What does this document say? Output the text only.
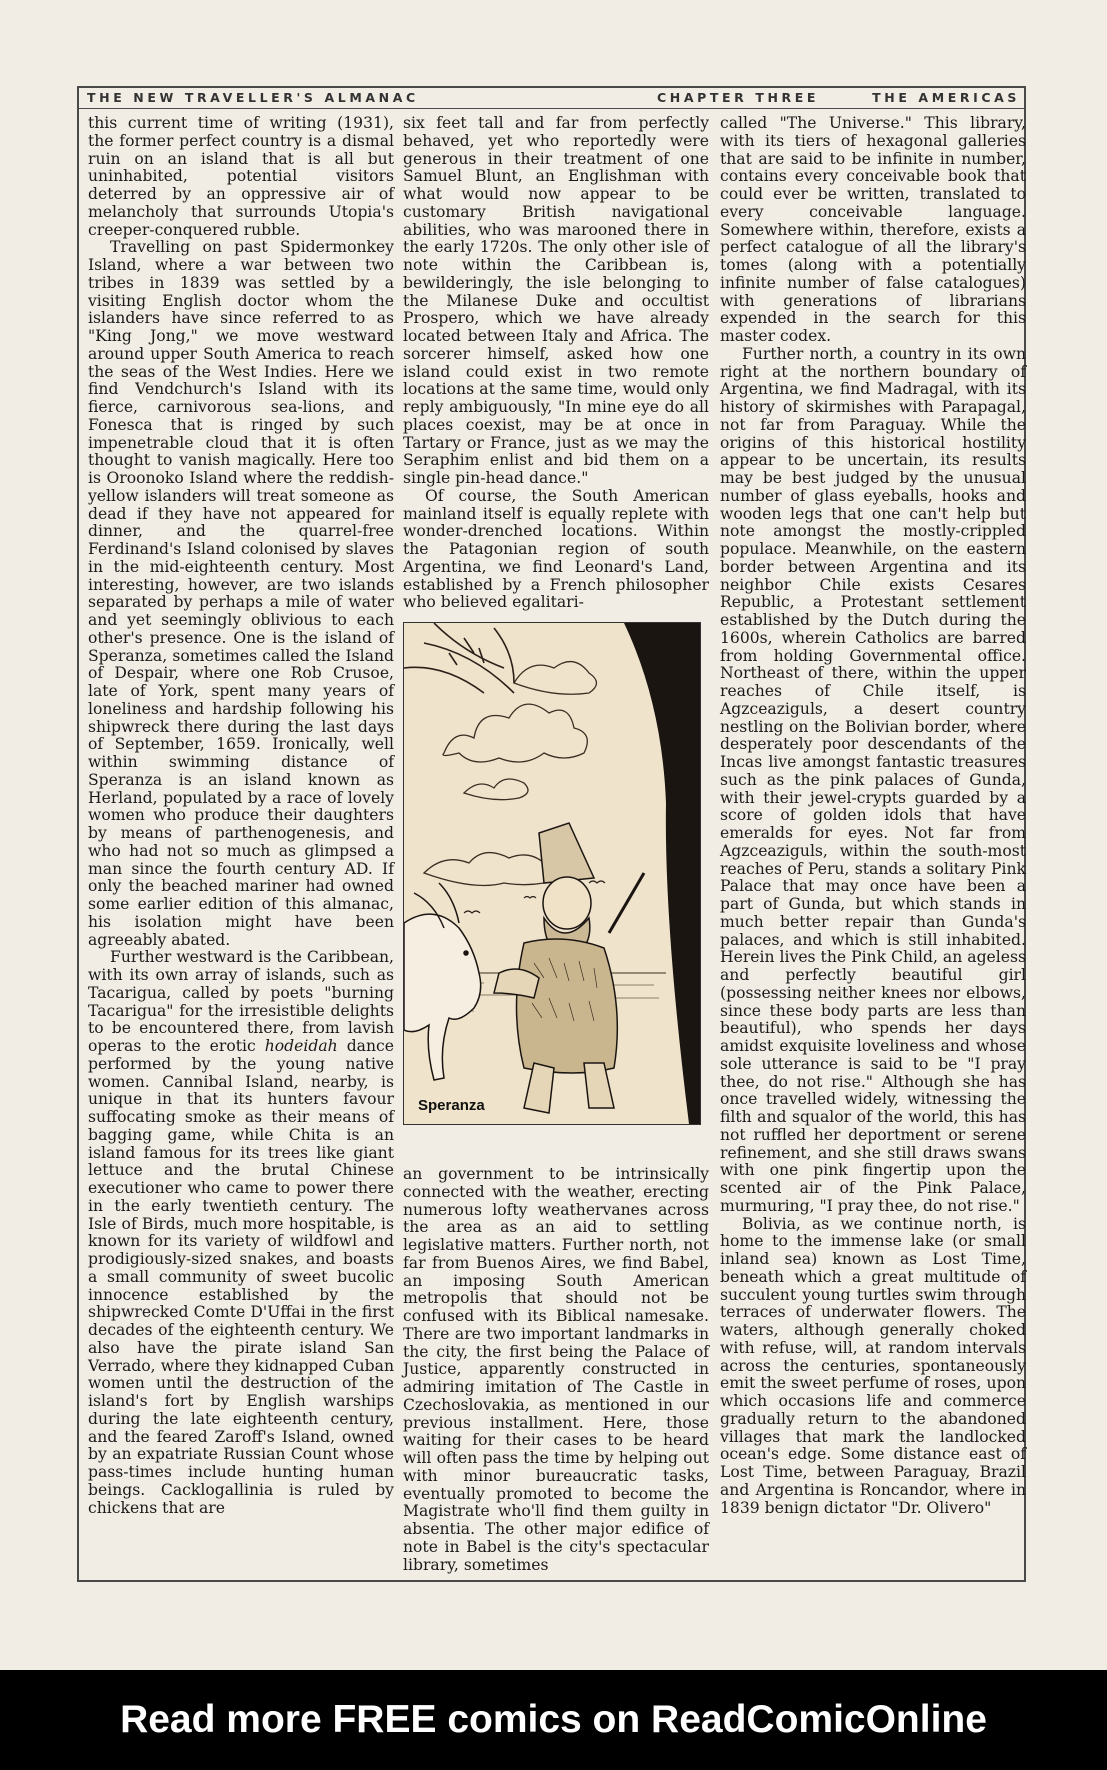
THE NEW TRAVELLER'S ALMANAC	CHAPTER THREE	THE AMERICAS

this current time of writing (1931), the former perfect country is a dismal ruin on an island that is all but uninhabited, potential visitors deterred by an oppressive air of melancholy that surrounds Utopia's creeper-conquered rubble.

Travelling on past Spidermonkey Island, where a war between two tribes in 1839 was settled by a visiting English doctor whom the islanders have since referred to as "King Jong," we move westward around upper South America to reach the seas of the West Indies. Here we find Vendchurch's Island with its fierce, carnivorous sea-lions, and Fonesca that is ringed by such impenetrable cloud that it is often thought to vanish magically. Here too is Oroonoko Island where the reddish-yellow islanders will treat someone as dead if they have not appeared for dinner, and the quarrel-free Ferdinand's Island colonised by slaves in the mid-eighteenth century. Most interesting, however, are two islands separated by perhaps a mile of water and yet seemingly oblivious to each other's presence. One is the island of Speranza, sometimes called the Island of Despair, where one Rob Crusoe, late of York, spent many years of loneliness and hardship following his shipwreck there during the last days of September, 1659. Ironically, well within swimming distance of Speranza is an island known as Herland, populated by a race of lovely women who produce their daughters by means of parthenogenesis, and who had not so much as glimpsed a man since the fourth century AD. If only the beached mariner had owned some earlier edition of this almanac, his isolation might have been agreeably abated.

Further westward is the Caribbean, with its own array of islands, such as Tacarigua, called by poets "burning Tacarigua" for the irresistible delights to be encountered there, from lavish operas to the erotic hodeidah dance performed by the young native women. Cannibal Island, nearby, is unique in that its hunters favour suffocating smoke as their means of bagging game, while Chita is an island famous for its trees like giant lettuce and the brutal Chinese executioner who came to power there in the early twentieth century. The Isle of Birds, much more hospitable, is known for its variety of wildfowl and prodigiously-sized snakes, and boasts a small community of sweet bucolic innocence established by the shipwrecked Comte D'Uffai in the first decades of the eighteenth century. We also have the pirate island San Verrado, where they kidnapped Cuban women until the destruction of the island's fort by English warships during the late eighteenth century, and the feared Zaroff's Island, owned by an expatriate Russian Count whose pass-times include hunting human beings. Cacklogallinia is ruled by chickens that are

six feet tall and far from perfectly behaved, yet who reportedly were generous in their treatment of one Samuel Blunt, an Englishman with what would now appear to be customary British navigational abilities, who was marooned there in the early 1720s. The only other isle of note within the Caribbean is, bewilderingly, the isle belonging to the Milanese Duke and occultist Prospero, which we have already located between Italy and Africa. The sorcerer himself, asked how one island could exist in two remote locations at the same time, would only reply ambiguously, "In mine eye do all places coexist, may be at once in Tartary or France, just as we may the Seraphim enlist and bid them on a single pin-head dance."

Of course, the South American mainland itself is equally replete with wonder-drenched locations. Within the Patagonian region of south Argentina, we find Leonard's Land, established by a French philosopher who believed egalitari-

Speranza

an government to be intrinsically connected with the weather, erecting numerous lofty weathervanes across the area as an aid to settling legislative matters. Further north, not far from Buenos Aires, we find Babel, an imposing South American metropolis that should not be confused with its Biblical namesake. There are two important landmarks in the city, the first being the Palace of Justice, apparently constructed in admiring imitation of The Castle in Czechoslovakia, as mentioned in our previous installment. Here, those waiting for their cases to be heard will often pass the time by helping out with minor bureaucratic tasks, eventually promoted to become the Magistrate who'll find them guilty in absentia. The other major edifice of note in Babel is the city's spectacular library, sometimes

called "The Universe." This library, with its tiers of hexagonal galleries that are said to be infinite in number, contains every conceivable book that could ever be written, translated to every conceivable language. Somewhere within, therefore, exists a perfect catalogue of all the library's tomes (along with a potentially infinite number of false catalogues) with generations of librarians expended in the search for this master codex.

Further north, a country in its own right at the northern boundary of Argentina, we find Madragal, with its history of skirmishes with Parapagal, not far from Paraguay. While the origins of this historical hostility appear to be uncertain, its results may be best judged by the unusual number of glass eyeballs, hooks and wooden legs that one can't help but note amongst the mostly-crippled populace. Meanwhile, on the eastern border between Argentina and its neighbor Chile exists Cesares Republic, a Protestant settlement established by the Dutch during the 1600s, wherein Catholics are barred from holding Governmental office. Northeast of there, within the upper reaches of Chile itself, is Agzceaziguls, a desert country nestling on the Bolivian border, where desperately poor descendants of the Incas live amongst fantastic treasures such as the pink palaces of Gunda, with their jewel-crypts guarded by a score of golden idols that have emeralds for eyes. Not far from Agzceaziguls, within the south-most reaches of Peru, stands a solitary Pink Palace that may once have been a part of Gunda, but which stands in much better repair than Gunda's palaces, and which is still inhabited. Herein lives the Pink Child, an ageless and perfectly beautiful girl (possessing neither knees nor elbows, since these body parts are less than beautiful), who spends her days amidst exquisite loveliness and whose sole utterance is said to be "I pray thee, do not rise." Although she has once travelled widely, witnessing the filth and squalor of the world, this has not ruffled her deportment or serene refinement, and she still draws swans with one pink fingertip upon the scented air of the Pink Palace, murmuring, "I pray thee, do not rise."

Bolivia, as we continue north, is home to the immense lake (or small inland sea) known as Lost Time, beneath which a great multitude of succulent young turtles swim through terraces of underwater flowers. The waters, although generally choked with refuse, will, at random intervals across the centuries, spontaneously emit the sweet perfume of roses, upon which occasions life and commerce gradually return to the abandoned villages that mark the landlocked ocean's edge. Some distance east of Lost Time, between Paraguay, Brazil and Argentina is Roncandor, where in 1839 benign dictator "Dr. Olivero"

Read more FREE comics on ReadComicOnline
